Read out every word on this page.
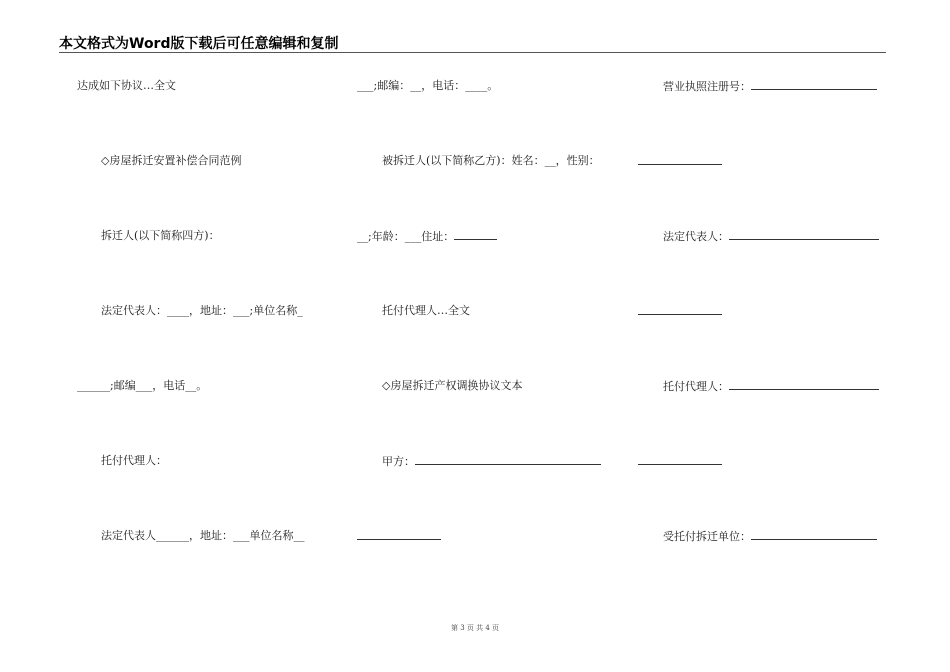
本文格式为Word版下载后可任意编辑和复制
达成如下协议…全文	___;邮编：__，电话：____。	营业执照注册号：
◇房屋拆迁安置补偿合同范例	被拆迁人(以下简称乙方)：姓名：__，性别：
拆迁人(以下简称四方)：	__;年龄：___住址：	法定代表人：
法定代表人：____，地址：___;单位名称_	托付代理人…全文
______;邮编___，电话__。	◇房屋拆迁产权调换协议文本	托付代理人：
托付代理人：	甲方：
法定代表人______，地址：___单位名称__	受托付拆迁单位：
第 3 页 共 4 页
